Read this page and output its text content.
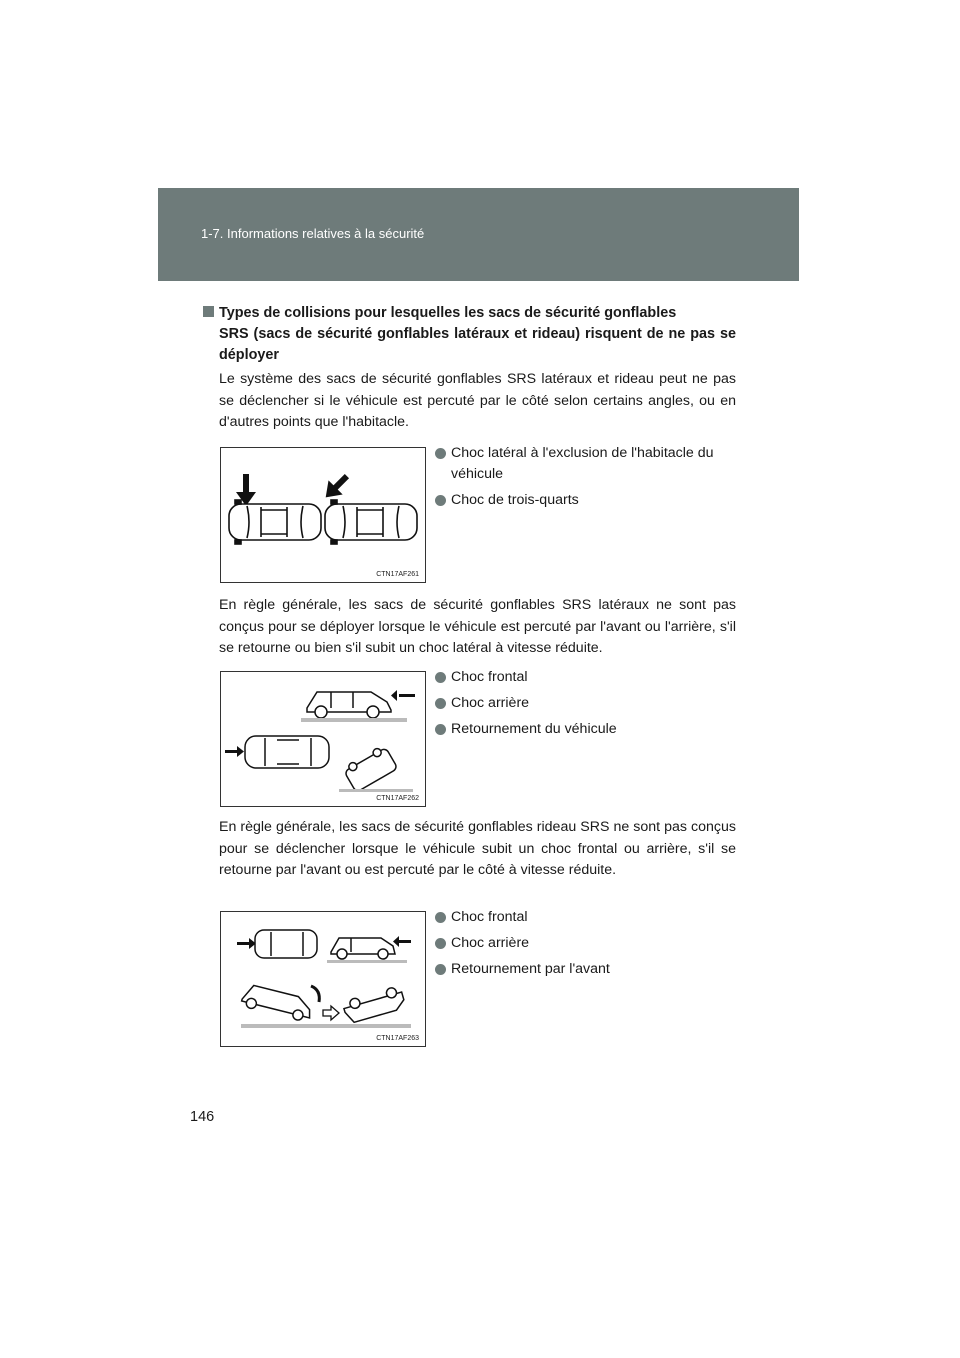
1-7. Informations relatives à la sécurité
Types de collisions pour lesquelles les sacs de sécurité gonflables
SRS (sacs de sécurité gonflables latéraux et rideau) risquent de ne pas se déployer
Le système des sacs de sécurité gonflables SRS latéraux et rideau peut ne pas se déclencher si le véhicule est percuté par le côté selon certains angles, ou en d'autres points que l'habitacle.
CTN17AF261
Choc latéral à l'exclusion de l'habitacle du véhicule
Choc de trois-quarts
En règle générale, les sacs de sécurité gonflables SRS latéraux ne sont pas conçus pour se déployer lorsque le véhicule est percuté par l'avant ou l'arrière, s'il se retourne ou bien s'il subit un choc latéral à vitesse réduite.
CTN17AF262
Choc frontal
Choc arrière
Retournement du véhicule
En règle générale, les sacs de sécurité gonflables rideau SRS ne sont pas conçus pour se déclencher lorsque le véhicule subit un choc frontal ou arrière, s'il se retourne par l'avant ou est percuté par le côté à vitesse réduite.
CTN17AF263
Choc frontal
Choc arrière
Retournement par l'avant
146
